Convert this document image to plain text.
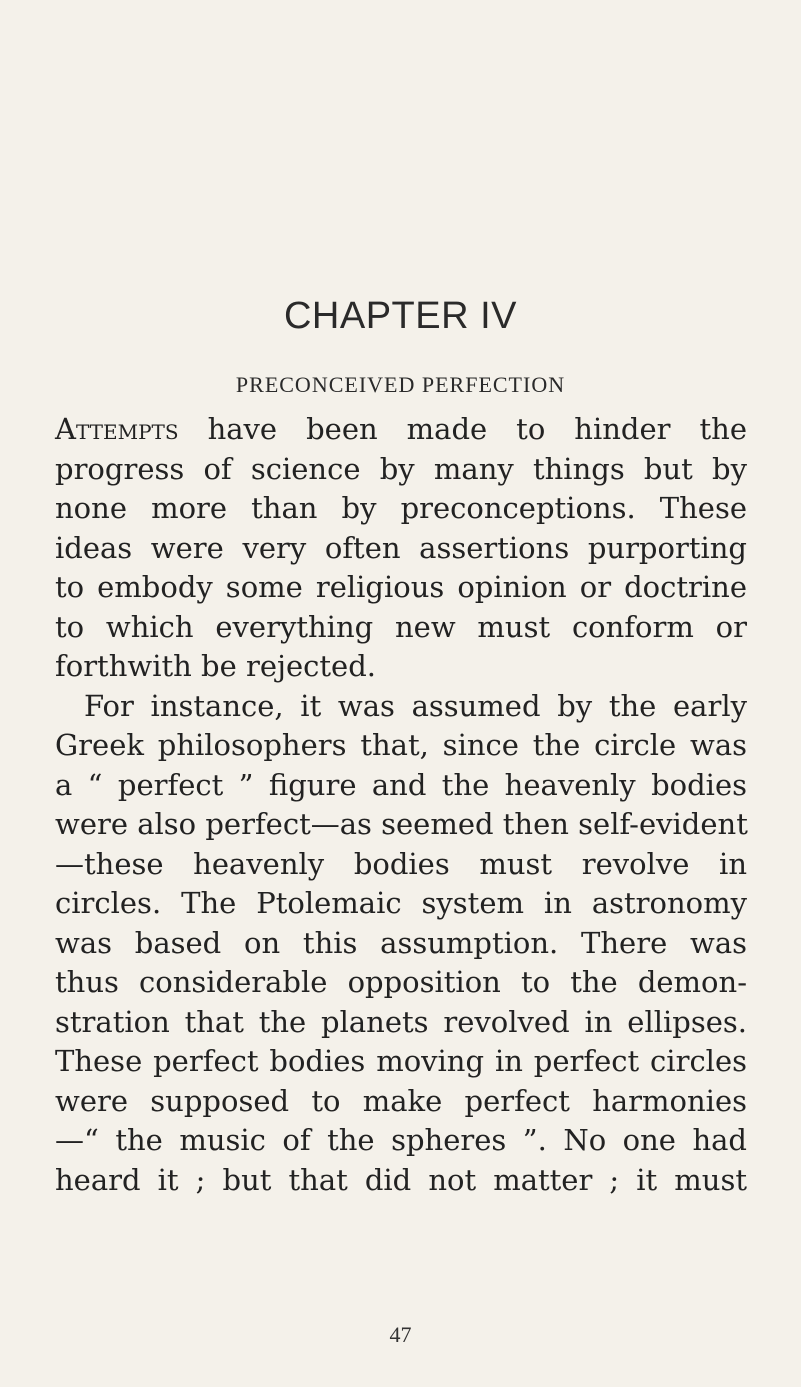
CHAPTER IV
PRECONCEIVED PERFECTION
Attempts have been made to hinder the
progress of science by many things but by
none more than by preconceptions. These
ideas were very often assertions purporting
to embody some religious opinion or doctrine
to which everything new must conform or
forthwith be rejected.
For instance, it was assumed by the early
Greek philosophers that, since the circle was
a “ perfect ” figure and the heavenly bodies
were also perfect—as seemed then self-evident
—these heavenly bodies must revolve in
circles. The Ptolemaic system in astronomy
was based on this assumption. There was
thus considerable opposition to the demon-
stration that the planets revolved in ellipses.
These perfect bodies moving in perfect circles
were supposed to make perfect harmonies
—“ the music of the spheres ”. No one had
heard it ; but that did not matter ; it must

47
